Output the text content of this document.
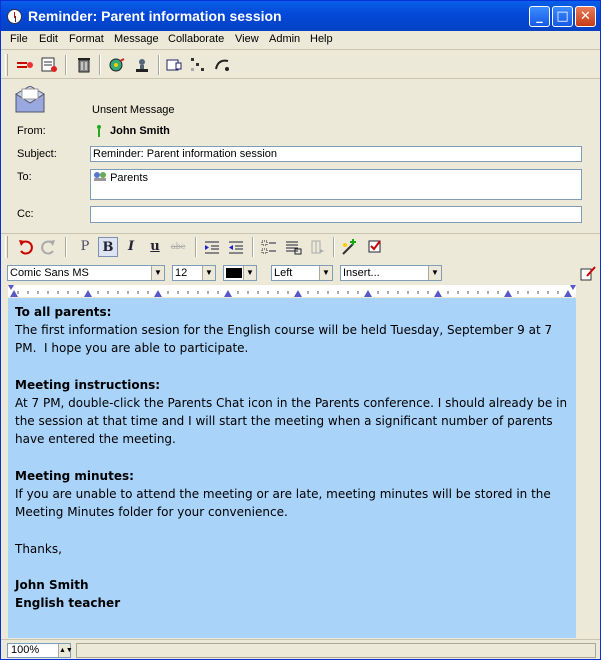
Reminder: Parent information session	_	□ ✕
File Edit Format Message Collaborate View Admin Help
Unsent Message
From:	John Smith
Subject:	Reminder: Parent information session
To:	Parents
Cc:
P	B	I	u	abc
Comic Sans MS	▼ 12	▼	▼ Left	▼ Insert...	▼

To all parents:

The first information sesion for the English course will be held Tuesday, September 9 at 7 PM.  I hope you are able to participate.

Meeting instructions:

At 7 PM, double-click the Parents Chat icon in the Parents conference. I should already be in the session at that time and I will start the meeting when a significant number of parents have entered the meeting.

Meeting minutes:

If you are unable to attend the meeting or are late, meeting minutes will be stored in the Meeting Minutes folder for your convenience.

Thanks,

John Smith

English teacher

100%	▲▼
